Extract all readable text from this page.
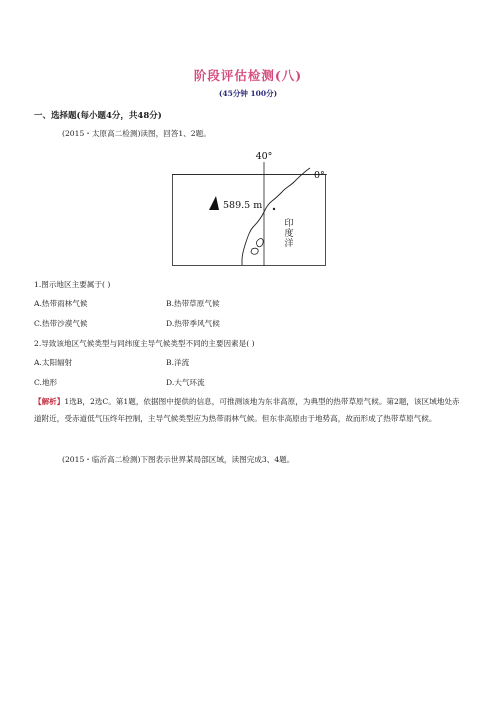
阶段评估检测(八)
(45分钟 100分)
一、选择题(每小题4分，共48分)
(2015・太原高二检测)读图，回答1、2题。
40°
0°
589.5 m
印
度
洋
1.图示地区主要属于( )
A.热带雨林气候	B.热带草原气候
C.热带沙漠气候	D.热带季风气候
2.导致该地区气候类型与同纬度主导气候类型不同的主要因素是( )
A.太阳辐射	B.洋流
C.地形	D.大气环流
【解析】1选B，2选C。第1题，依据图中提供的信息，可推测该地为东非高原，为典型的热带草原气候。第2题，该区域地处赤道附近，受赤道低气压终年控制，主导气候类型应为热带雨林气候。但东非高原由于地势高，故而形成了热带草原气候。
(2015・临沂高二检测)下图表示世界某局部区域，读图完成3、4题。
